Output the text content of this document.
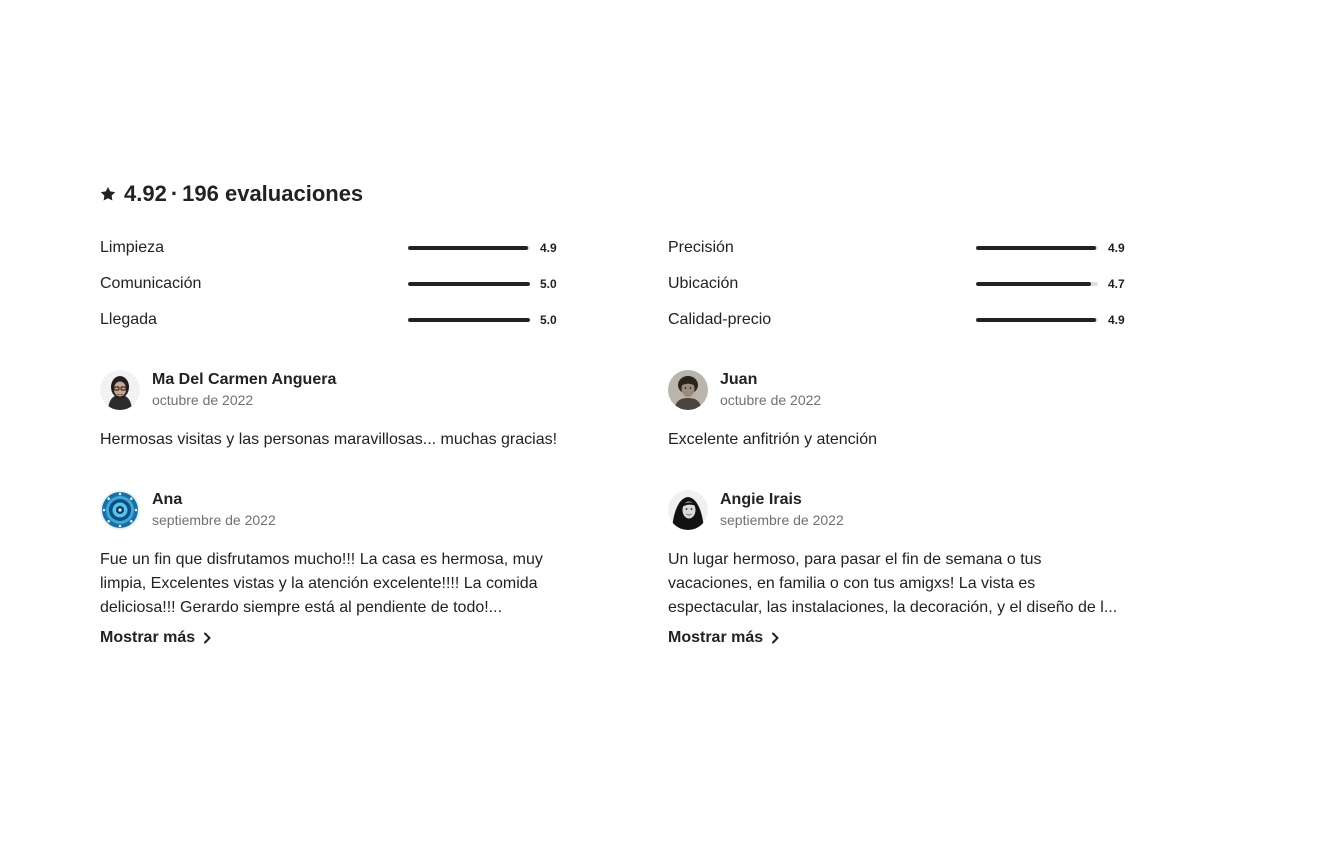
4.92 · 196 evaluaciones
Limpieza	4.9
Comunicación	5.0
Llegada	5.0
Precisión	4.9
Ubicación	4.7
Calidad-precio	4.9
Ma Del Carmen Anguera
octubre de 2022
Hermosas visitas y las personas maravillosas... muchas gracias!
Juan
octubre de 2022
Excelente anfitrión y atención
Ana
septiembre de 2022
Fue un fin que disfrutamos mucho!!! La casa es hermosa, muy limpia, Excelentes vistas y la atención excelente!!!! La comida deliciosa!!! Gerardo siempre está al pendiente de todo!...
Mostrar más
Angie Irais
septiembre de 2022
Un lugar hermoso, para pasar el fin de semana o tus vacaciones, en familia o con tus amigxs! La vista es espectacular, las instalaciones, la decoración, y el diseño de l...
Mostrar más
